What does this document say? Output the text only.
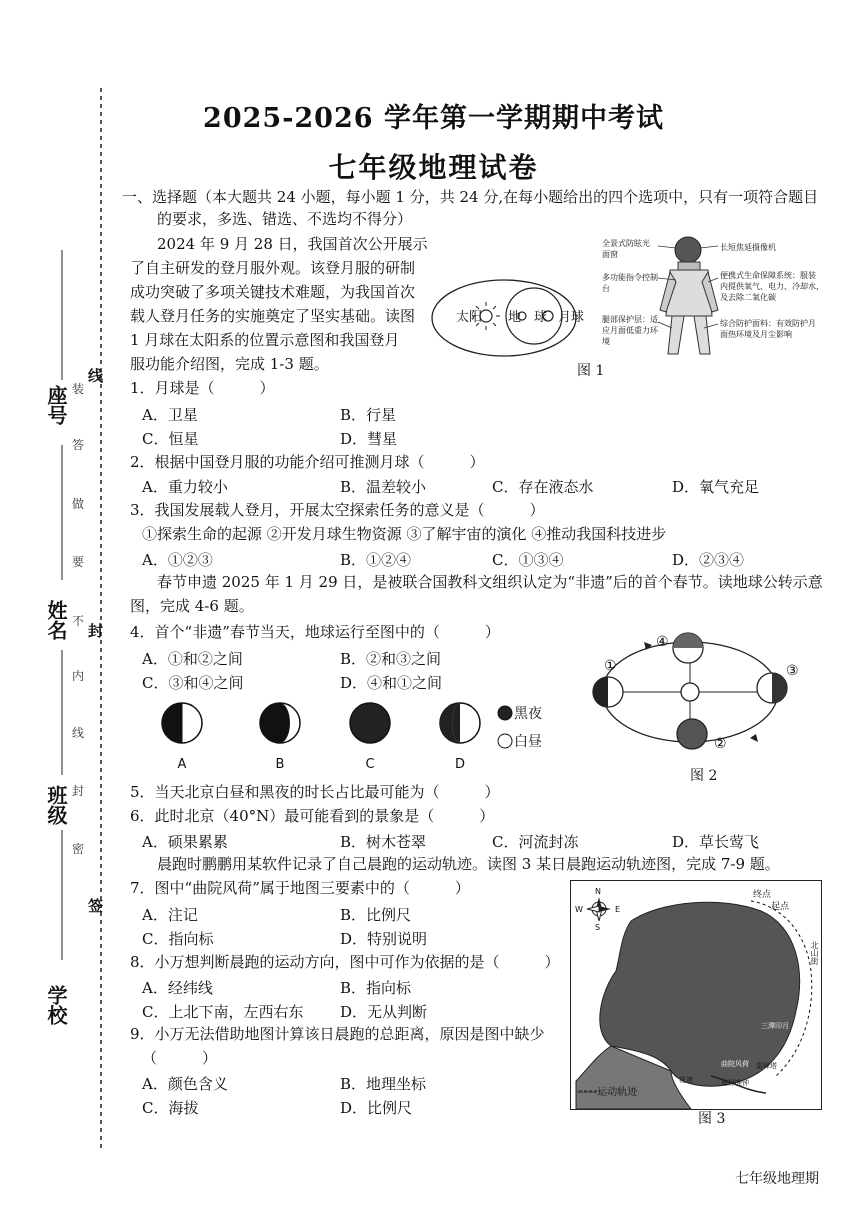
座号
姓名
班级
学校
装
答
做
要
不
内
线
封
密
线
封
签
2025-2026 学年第一学期期中考试
七年级地理试卷
一、选择题（本大题共 24 小题，每小题 1 分，共 24 分,在每小题给出的四个选项中，只有一项符合题目
的要求，多选、错选、不选均不得分）
2024 年 9 月 28 日，我国首次公开展示
了自主研发的登月服外观。该登月服的研制
成功突破了多项关键技术难题，为我国首次
载人登月任务的实施奠定了坚实基础。读图
1 月球在太阳系的位置示意图和我国登月
服功能介绍图，完成 1-3 题。
太阳 地 球 月球
图 1
全景式防眩光
面窗
多功能指令控制
台
腿部保护层：适
应月面低重力环
境
长短焦延摄像机
便携式生命保障系统：服装
内提供氧气、电力、冷却水,
及去除二氧化碳
综合防护面料：有效防护月
面热环境及月尘影响
1．月球是（　　　）
A．卫星	B．行星
C．恒星	D．彗星
2．根据中国登月服的功能介绍可推测月球（　　　）
A．重力较小	B．温差较小	C．存在液态水	D．氧气充足
3．我国发展载人登月，开展太空探索任务的意义是（　　　）
①探索生命的起源 ②开发月球生物资源 ③了解宇宙的演化 ④推动我国科技进步
A．①②③	B．①②④	C．①③④	D．②③④
春节申遗 2025 年 1 月 29 日，是被联合国教科文组织认定为“非遗”后的首个春节。读地球公转示意
图，完成 4-6 题。
4．首个“非遗”春节当天，地球运行至图中的（　　　）
A．①和②之间	B．②和③之间
C．③和④之间	D．④和①之间
A	B	C	D
黑夜
白昼
①
②
③
④
图 2
5．当天北京白昼和黑夜的时长占比最可能为（　　　）
6．此时北京（40°N）最可能看到的景象是（　　　）
A．硕果累累	B．树木苍翠	C．河流封冻	D．草长莺飞
晨跑时鹏鹏用某软件记录了自己晨跑的运动轨迹。读图 3 某日晨跑运动轨迹图，完成 7-9 题。
7．图中“曲院风荷”属于地图三要素中的（　　　）
A．注记	B．比例尺
C．指向标	D．特别说明
8．小万想判断晨跑的运动方向，图中可作为依据的是（　　　）
A．经纬线	B．指向标
C．上北下南，左西右东 D．无从判断
9．小万无法借助地图计算该日晨跑的总距离，原因是图中缺少
（　　　）
A．颜色含义	B．地理坐标
C．海拔	D．比例尺
N
S
W	E
终点
起点
北山街
三潭印月
曲院风荷
南屏晚钟
雷峰塔
花港
------运动轨迹
图 3
七年级地理期
